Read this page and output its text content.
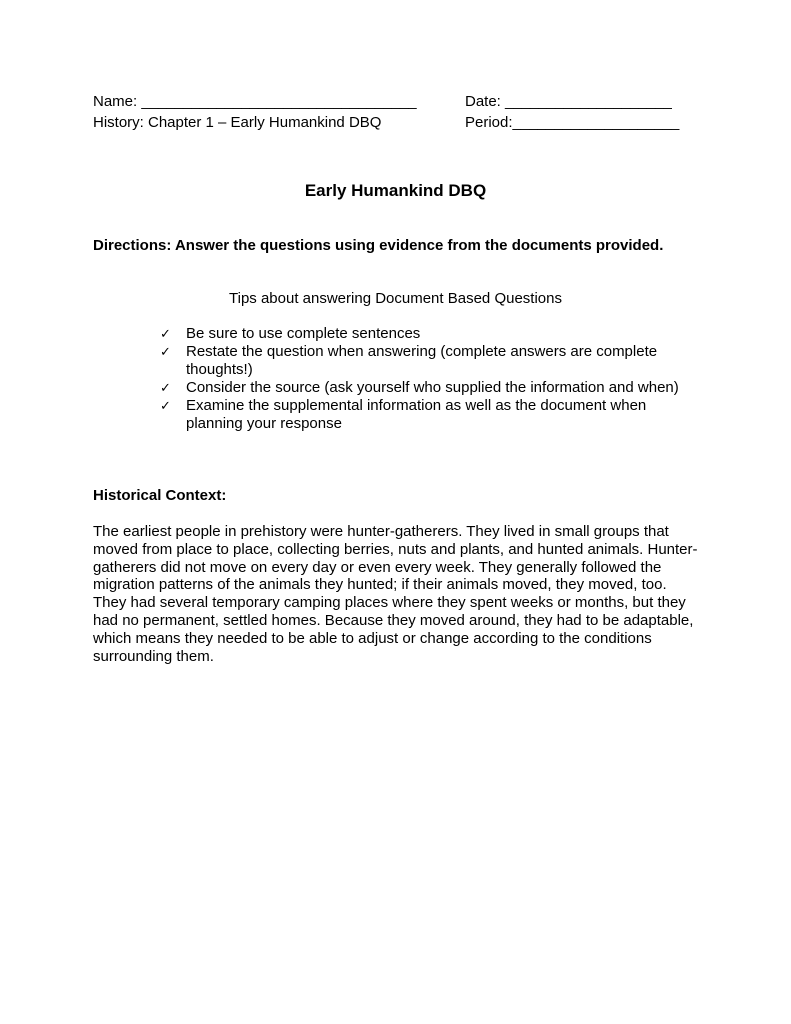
Name: _________________________________	Date: ____________________
History: Chapter 1 – Early Humankind DBQ	Period:____________________
Early Humankind DBQ
Directions: Answer the questions using evidence from the documents provided.
Tips about answering Document Based Questions
✓ Be sure to use complete sentences
✓ Restate the question when answering (complete answers are complete thoughts!)
✓ Consider the source (ask yourself who supplied the information and when)
✓ Examine the supplemental information as well as the document when planning your response
Historical Context:

The earliest people in prehistory were hunter-gatherers. They lived in small groups that moved from place to place, collecting berries, nuts and plants, and hunted animals. Hunter-gatherers did not move on every day or even every week. They generally followed the migration patterns of the animals they hunted; if their animals moved, they moved, too. They had several temporary camping places where they spent weeks or months, but they had no permanent, settled homes. Because they moved around, they had to be adaptable, which means they needed to be able to adjust or change according to the conditions surrounding them.
